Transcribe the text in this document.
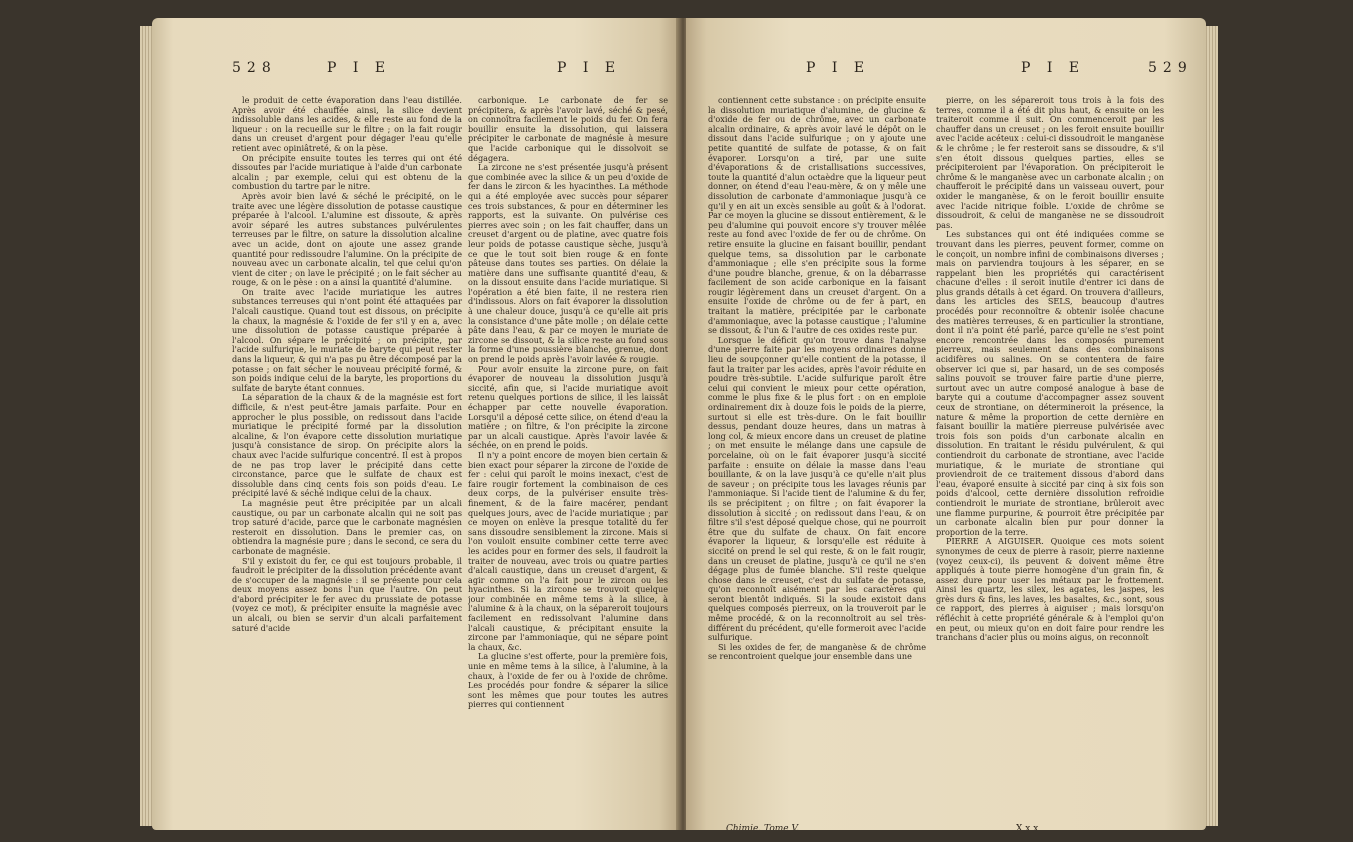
528	P I E	P I E

le produit de cette évaporation dans l'eau distillée. Après avoir été chauffée ainsi, la silice devient indissoluble dans les acides, & elle reste au fond de la liqueur : on la recueille sur le filtre ; on la fait rougir dans un creuset d'argent pour dégager l'eau qu'elle retient avec opiniâtreté, & on la pèse.

On précipite ensuite toutes les terres qui ont été dissoutes par l'acide muriatique à l'aide d'un carbonate alcalin ; par exemple, celui qui est obtenu de la combustion du tartre par le nitre.

Après avoir bien lavé & séché le précipité, on le traite avec une légère dissolution de potasse caustique préparée à l'alcool. L'alumine est dissoute, & après avoir séparé les autres substances pulvérulentes terreuses par le filtre, on sature la dissolution alcaline avec un acide, dont on ajoute une assez grande quantité pour redissoudre l'alumine. On la précipite de nouveau avec un carbonate alcalin, tel que celui qu'on vient de citer ; on lave le précipité ; on le fait sécher au rouge, & on le pèse : on a ainsi la quantité d'alumine.

On traite avec l'acide muriatique les autres substances terreuses qui n'ont point été attaquées par l'alcali caustique. Quand tout est dissous, on précipite la chaux, la magnésie & l'oxide de fer s'il y en a, avec une dissolution de potasse caustique préparée à l'alcool. On sépare le précipité ; on précipite, par l'acide sulfurique, le muriate de baryte qui peut rester dans la liqueur, & qui n'a pas pu être décomposé par la potasse ; on fait sécher le nouveau précipité formé, & son poids indique celui de la baryte, les proportions du sulfate de baryte étant connues.

La séparation de la chaux & de la magnésie est fort difficile, & n'est peut-être jamais parfaite. Pour en approcher le plus possible, on redissout dans l'acide muriatique le précipité formé par la dissolution alcaline, & l'on évapore cette dissolution muriatique jusqu'à consistance de sirop. On précipite alors la chaux avec l'acide sulfurique concentré. Il est à propos de ne pas trop laver le précipité dans cette circonstance, parce que le sulfate de chaux est dissoluble dans cinq cents fois son poids d'eau. Le précipité lavé & séché indique celui de la chaux.

La magnésie peut être précipitée par un alcali caustique, ou par un carbonate alcalin qui ne soit pas trop saturé d'acide, parce que le carbonate magnésien resteroit en dissolution. Dans le premier cas, on obtiendra la magnésie pure ; dans le second, ce sera du carbonate de magnésie.

S'il y existoit du fer, ce qui est toujours probable, il faudroit le précipiter de la dissolution précédente avant de s'occuper de la magnésie : il se présente pour cela deux moyens assez bons l'un que l'autre. On peut d'abord précipiter le fer avec du prussiate de potasse (voyez ce mot), & précipiter ensuite la magnésie avec un alcali, ou bien se servir d'un alcali parfaitement saturé d'acide

carbonique. Le carbonate de fer se précipitera, & après l'avoir lavé, séché & pesé, on connoîtra facilement le poids du fer. On fera bouillir ensuite la dissolution, qui laissera précipiter le carbonate de magnésie à mesure que l'acide carbonique qui le dissolvoit se dégagera.

La zircone ne s'est présentée jusqu'à présent que combinée avec la silice & un peu d'oxide de fer dans le zircon & les hyacinthes. La méthode qui a été employée avec succès pour séparer ces trois substances, & pour en déterminer les rapports, est la suivante. On pulvérise ces pierres avec soin ; on les fait chauffer, dans un creuset d'argent ou de platine, avec quatre fois leur poids de potasse caustique sèche, jusqu'à ce que le tout soit bien rouge & en fonte pâteuse dans toutes ses parties. On délaie la matière dans une suffisante quantité d'eau, & on la dissout ensuite dans l'acide muriatique. Si l'opération a été bien faite, il ne restera rien d'indissous. Alors on fait évaporer la dissolution à une chaleur douce, jusqu'à ce qu'elle ait pris la consistance d'une pâte molle ; on délaie cette pâte dans l'eau, & par ce moyen le muriate de zircone se dissout, & la silice reste au fond sous la forme d'une poussière blanche, grenue, dont on prend le poids après l'avoir lavée & rougie.

Pour avoir ensuite la zircone pure, on fait évaporer de nouveau la dissolution jusqu'à siccité, afin que, si l'acide muriatique avoit retenu quelques portions de silice, il les laissât échapper par cette nouvelle évaporation. Lorsqu'il a déposé cette silice, on étend d'eau la matière ; on filtre, & l'on précipite la zircone par un alcali caustique. Après l'avoir lavée & séchée, on en prend le poids.

Il n'y a point encore de moyen bien certain & bien exact pour séparer la zircone de l'oxide de fer : celui qui paroît le moins inexact, c'est de faire rougir fortement la combinaison de ces deux corps, de la pulvériser ensuite très-finement, & de la faire macérer, pendant quelques jours, avec de l'acide muriatique ; par ce moyen on enlève la presque totalité du fer sans dissoudre sensiblement la zircone. Mais si l'on vouloit ensuite combiner cette terre avec les acides pour en former des sels, il faudroit la traiter de nouveau, avec trois ou quatre parties d'alcali caustique, dans un creuset d'argent, & agir comme on l'a fait pour le zircon ou les hyacinthes. Si la zircone se trouvoit quelque jour combinée en même tems à la silice, à l'alumine & à la chaux, on la sépareroit toujours facilement en redissolvant l'alumine dans l'alcali caustique, & précipitant ensuite la zircone par l'ammoniaque, qui ne sépare point la chaux, &c.

La glucine s'est offerte, pour la première fois, unie en même tems à la silice, à l'alumine, à la chaux, à l'oxide de fer ou à l'oxide de chrôme. Les procédés pour fondre & séparer la silice sont les mêmes que pour toutes les autres pierres qui contiennent

P I E	P I E	529

contiennent cette substance : on précipite ensuite la dissolution muriatique d'alumine, de glucine & d'oxide de fer ou de chrôme, avec un carbonate alcalin ordinaire, & après avoir lavé le dépôt on le dissout dans l'acide sulfurique ; on y ajoute une petite quantité de sulfate de potasse, & on fait évaporer. Lorsqu'on a tiré, par une suite d'évaporations & de cristallisations successives, toute la quantité d'alun octaèdre que la liqueur peut donner, on étend d'eau l'eau-mère, & on y mêle une dissolution de carbonate d'ammoniaque jusqu'à ce qu'il y en ait un excès sensible au goût & à l'odorat. Par ce moyen la glucine se dissout entièrement, & le peu d'alumine qui pouvoit encore s'y trouver mêlée reste au fond avec l'oxide de fer ou de chrôme. On retire ensuite la glucine en faisant bouillir, pendant quelque tems, sa dissolution par le carbonate d'ammoniaque ; elle s'en précipite sous la forme d'une poudre blanche, grenue, & on la débarrasse facilement de son acide carbonique en la faisant rougir légèrement dans un creuset d'argent. On a ensuite l'oxide de chrôme ou de fer à part, en traitant la matière, précipitée par le carbonate d'ammoniaque, avec la potasse caustique ; l'alumine se dissout, & l'un & l'autre de ces oxides reste pur.

Lorsque le déficit qu'on trouve dans l'analyse d'une pierre faite par les moyens ordinaires donne lieu de soupçonner qu'elle contient de la potasse, il faut la traiter par les acides, après l'avoir réduite en poudre très-subtile. L'acide sulfurique paroît être celui qui convient le mieux pour cette opération, comme le plus fixe & le plus fort : on en emploie ordinairement dix à douze fois le poids de la pierre, surtout si elle est très-dure. On le fait bouillir dessus, pendant douze heures, dans un matras à long col, & mieux encore dans un creuset de platine ; on met ensuite le mélange dans une capsule de porcelaine, où on le fait évaporer jusqu'à siccité parfaite : ensuite on délaie la masse dans l'eau bouillante, & on la lave jusqu'à ce qu'elle n'ait plus de saveur ; on précipite tous les lavages réunis par l'ammoniaque. Si l'acide tient de l'alumine & du fer, ils se précipitent ; on filtre ; on fait évaporer la dissolution à siccité ; on redissout dans l'eau, & on filtre s'il s'est déposé quelque chose, qui ne pourroit être que du sulfate de chaux. On fait encore évaporer la liqueur, & lorsqu'elle est réduite à siccité on prend le sel qui reste, & on le fait rougir, dans un creuset de platine, jusqu'à ce qu'il ne s'en dégage plus de fumée blanche. S'il reste quelque chose dans le creuset, c'est du sulfate de potasse, qu'on reconnoît aisément par les caractères qui seront bientôt indiqués. Si la soude existoit dans quelques composés pierreux, on la trouveroit par le même procédé, & on la reconnoîtroit au sel très-différent du précédent, qu'elle formeroit avec l'acide sulfurique.

Si les oxides de fer, de manganèse & de chrôme se rencontroient quelque jour ensemble dans une

pierre, on les sépareroit tous trois à la fois des terres, comme il a été dit plus haut, & ensuite on les traiteroit comme il suit. On commenceroit par les chauffer dans un creuset ; on les feroit ensuite bouillir avec l'acide acéteux : celui-ci dissoudroit le manganèse & le chrôme ; le fer resteroit sans se dissoudre, & s'il s'en étoit dissous quelques parties, elles se précipiteroient par l'évaporation. On précipiteroit le chrôme & le manganèse avec un carbonate alcalin ; on chaufferoit le précipité dans un vaisseau ouvert, pour oxider le manganèse, & on le feroit bouillir ensuite avec l'acide nitrique foible. L'oxide de chrôme se dissoudroit, & celui de manganèse ne se dissoudroit pas.

Les substances qui ont été indiquées comme se trouvant dans les pierres, peuvent former, comme on le conçoit, un nombre infini de combinaisons diverses ; mais on parviendra toujours à les séparer, en se rappelant bien les propriétés qui caractérisent chacune d'elles : il seroit inutile d'entrer ici dans de plus grands détails à cet égard. On trouvera d'ailleurs, dans les articles des SELS, beaucoup d'autres procédés pour reconnoître & obtenir isolée chacune des matières terreuses, & en particulier la strontiane, dont il n'a point été parlé, parce qu'elle ne s'est point encore rencontrée dans les composés purement pierreux, mais seulement dans des combinaisons acidifères ou salines. On se contentera de faire observer ici que si, par hasard, un de ses composés salins pouvoit se trouver faire partie d'une pierre, surtout avec un autre composé analogue à base de baryte qui a coutume d'accompagner assez souvent ceux de strontiane, on détermineroit la présence, la nature & même la proportion de cette dernière en faisant bouillir la matière pierreuse pulvérisée avec trois fois son poids d'un carbonate alcalin en dissolution. En traitant le résidu pulvérulent, & qui contiendroit du carbonate de strontiane, avec l'acide muriatique, & le muriate de strontiane qui proviendroit de ce traitement dissous d'abord dans l'eau, évaporé ensuite à siccité par cinq à six fois son poids d'alcool, cette dernière dissolution refroidie contiendroit le muriate de strontiane, brûleroit avec une flamme purpurine, & pourroit être précipitée par un carbonate alcalin bien pur pour donner la proportion de la terre.

PIERRE A AIGUISER. Quoique ces mots soient synonymes de ceux de pierre à rasoir, pierre naxienne (voyez ceux-ci), ils peuvent & doivent même être appliqués à toute pierre homogène d'un grain fin, & assez dure pour user les métaux par le frottement. Ainsi les quartz, les silex, les agates, les jaspes, les grès durs & fins, les laves, les basaltes, &c., sont, sous ce rapport, des pierres à aiguiser ; mais lorsqu'on réfléchit à cette propriété générale & à l'emploi qu'on en peut, ou mieux qu'on en doit faire pour rendre les tranchans d'acier plus ou moins aigus, on reconnoît

Chimie. Tome V.	X x x
